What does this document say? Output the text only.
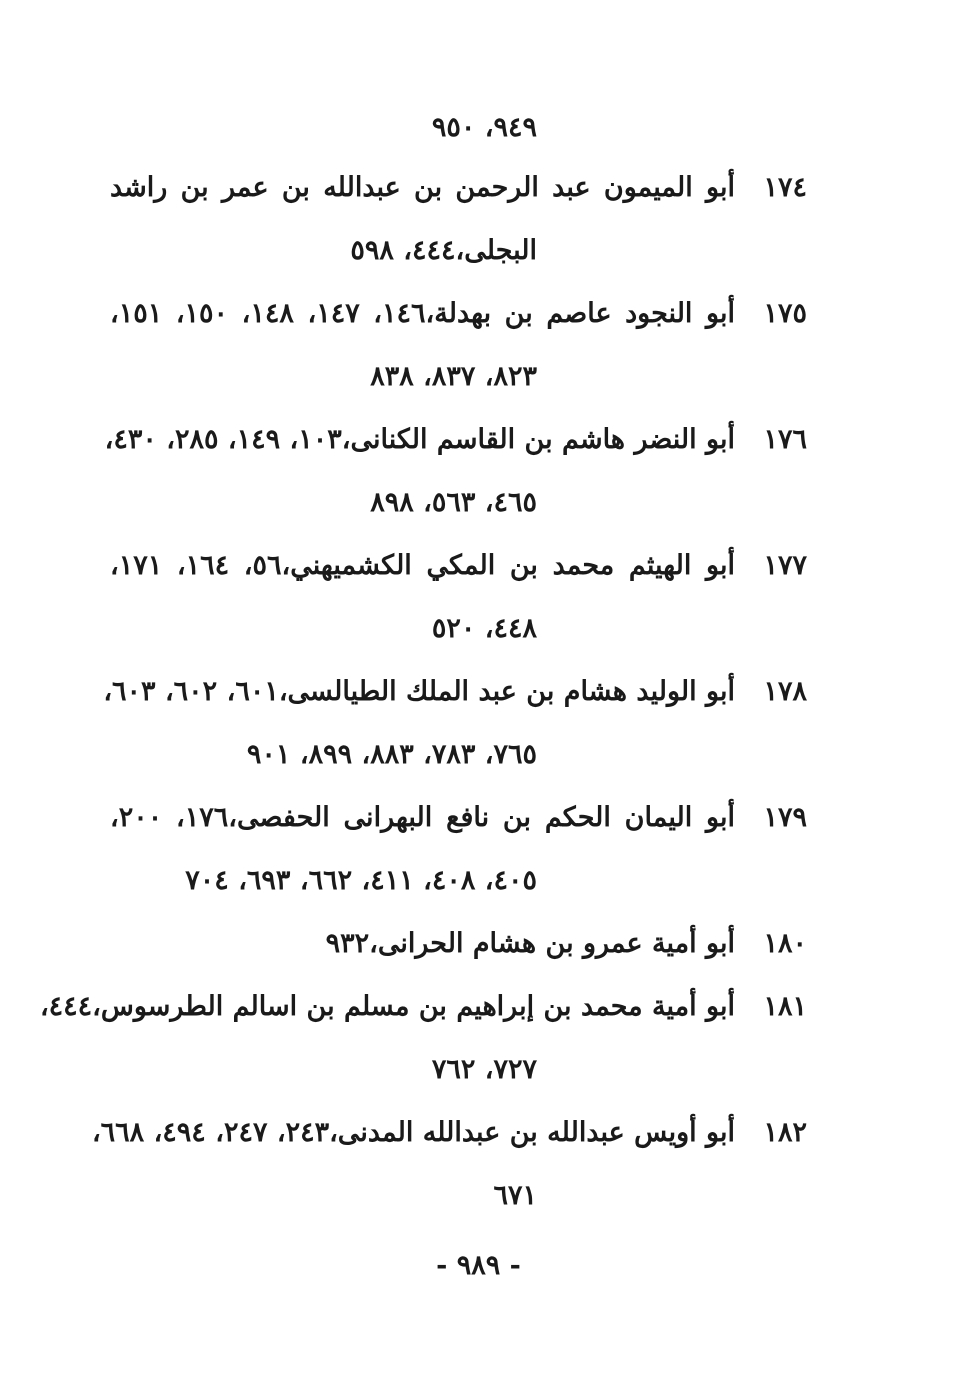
٩٤٩، ٩٥٠
١٧٤
أبو الميمون عبد الرحمن بن عبدالله بن عمر بن راشد
البجلى،٤٤٤، ٥٩٨
١٧٥
أبو النجود عاصم بن بهدلة،١٤٦، ١٤٧، ١٤٨، ١٥٠، ١٥١،
٨٢٣، ٨٣٧، ٨٣٨
١٧٦
أبو النضر هاشم بن القاسم الكنانى،١٠٣، ١٤٩، ٢٨٥، ٤٣٠،
٤٦٥، ٥٦٣، ٨٩٨
١٧٧
أبو الهيثم محمد بن المكي الكشميهني،٥٦، ١٦٤، ١٧١،
٤٤٨، ٥٢٠
١٧٨
أبو الوليد هشام بن عبد الملك الطيالسى،٦٠١، ٦٠٢، ٦٠٣،
٧٦٥، ٧٨٣، ٨٨٣، ٨٩٩، ٩٠١
١٧٩
أبو اليمان الحكم بن نافع البهرانى الحفصى،١٧٦، ٢٠٠،
٤٠٥، ٤٠٨، ٤١١، ٦٦٢، ٦٩٣، ٧٠٤
١٨٠
أبو أمية عمرو بن هشام الحرانى،٩٣٢
١٨١
أبو أمية محمد بن إبراهيم بن مسلم بن اسالم الطرسوس،٤٤٤،
٧٢٧، ٧٦٢
١٨٢
أبو أويس عبدالله بن عبدالله المدنى،٢٤٣، ٢٤٧، ٤٩٤، ٦٦٨،
٦٧١
- ٩٨٩ -
